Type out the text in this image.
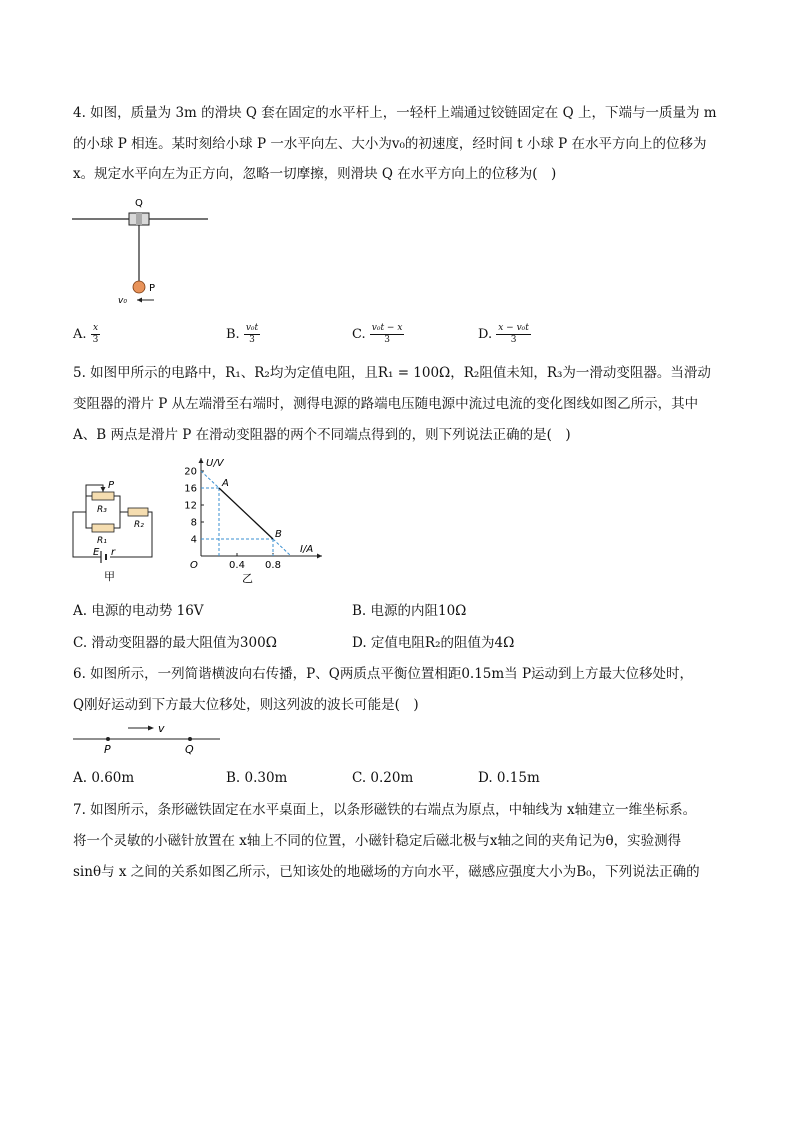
4. 如图，质量为 3m 的滑块 Q 套在固定的水平杆上，一轻杆上端通过铰链固定在 Q 上，下端与一质量为 m
的小球 P 相连。某时刻给小球 P 一水平向左、大小为v₀的初速度，经时间 t 小球 P 在水平方向上的位移为
x。规定水平向左为正方向，忽略一切摩擦，则滑块 Q 在水平方向上的位移为(　)
Q
P
v₀
A. $\frac{x}{3}$	B. $\frac{\text{v₀t}}{3}$	C. $\frac{\text{v₀t − x}}{3}$	D. $\frac{\text{x − v₀t}}{3}$
5. 如图甲所示的电路中，R₁、R₂均为定值电阻，且R₁ = 100Ω，R₂阻值未知，R₃为一滑动变阻器。当滑动
变阻器的滑片 P 从左端滑至右端时，测得电源的路端电压随电源中流过电流的变化图线如图乙所示，其中
A、B 两点是滑片 P 在滑动变阻器的两个不同端点得到的，则下列说法正确的是(　)
P
R₃
R₂
R₁
E r
甲
20
16
12
8
4
0.4 0.8
A
B
U/V
I/A
O
乙
A. 电源的电动势 16V	B. 电源的内阻10Ω
C. 滑动变阻器的最大阻值为300Ω	D. 定值电阻R₂的阻值为4Ω
6. 如图所示，一列简谐横波向右传播，P、Q两质点平衡位置相距0.15m当 P运动到上方最大位移处时，
Q刚好运动到下方最大位移处，则这列波的波长可能是(　)
v
P	Q
A. 0.60m	B. 0.30m	C. 0.20m	D. 0.15m
7. 如图所示，条形磁铁固定在水平桌面上，以条形磁铁的右端点为原点，中轴线为 x轴建立一维坐标系。
将一个灵敏的小磁针放置在 x轴上不同的位置，小磁针稳定后磁北极与x轴之间的夹角记为θ，实验测得
sinθ与 x 之间的关系如图乙所示，已知该处的地磁场的方向水平，磁感应强度大小为B₀，下列说法正确的
